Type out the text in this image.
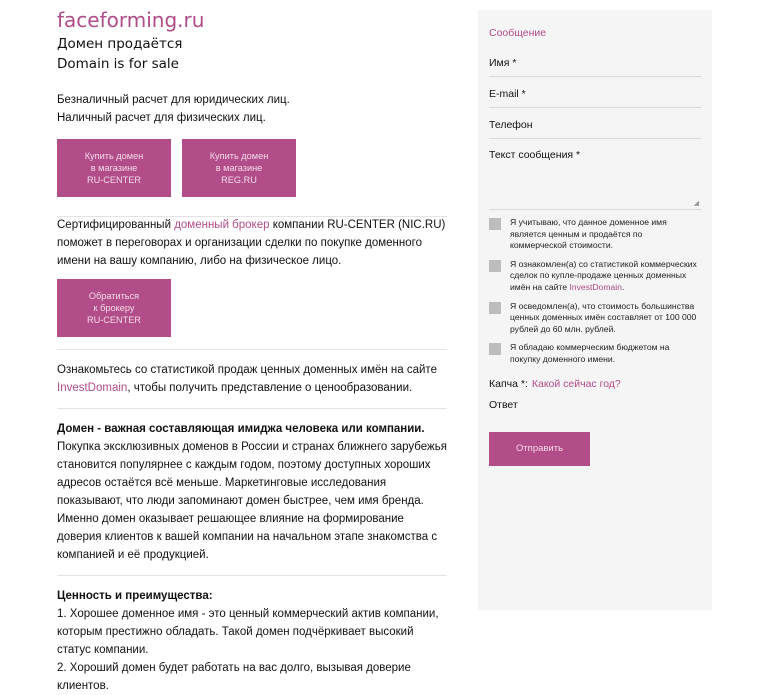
faceforming.ru
Домен продаётся
Domain is for sale
Безналичный расчет для юридических лиц.
Наличный расчет для физических лиц.
Купить домен
в магазине
RU-CENTER
Купить домен
в магазине
REG.RU
Сертифицированный доменный брокер компании RU-CENTER (NIC.RU) поможет в переговорах и организации сделки по покупке доменного имени на вашу компанию, либо на физическое лицо.
Обратиться
к брокеру
RU-CENTER
Ознакомьтесь со статистикой продаж ценных доменных имён на сайте InvestDomain, чтобы получить представление о ценообразовании.
Домен - важная составляющая имиджа человека или компании.
Покупка эксклюзивных доменов в России и странах ближнего зарубежья становится популярнее с каждым годом, поэтому доступных хороших адресов остаётся всё меньше. Маркетинговые исследования показывают, что люди запоминают домен быстрее, чем имя бренда. Именно домен оказывает решающее влияние на формирование доверия клиентов к вашей компании на начальном этапе знакомства с компанией и её продукцией.
Ценность и преимущества:
1. Хорошее доменное имя - это ценный коммерческий актив компании, которым престижно обладать. Такой домен подчёркивает высокий статус компании.
2. Хороший домен будет работать на вас долго, вызывая доверие клиентов.
Сообщение
Имя *
E-mail *
Телефон
Текст сообщения *
◢
Я учитываю, что данное доменное имя является ценным и продаётся по коммерческой стоимости.
Я ознакомлен(а) со статистикой коммерческих сделок по купле-продаже ценных доменных имён на сайте InvestDomain.
Я осведомлен(а), что стоимость большинства ценных доменных имён составляет от 100 000 рублей до 60 млн. рублей.
Я обладаю коммерческим бюджетом на покупку доменного имени.
Капча *: Какой сейчас год?
Ответ
Отправить
